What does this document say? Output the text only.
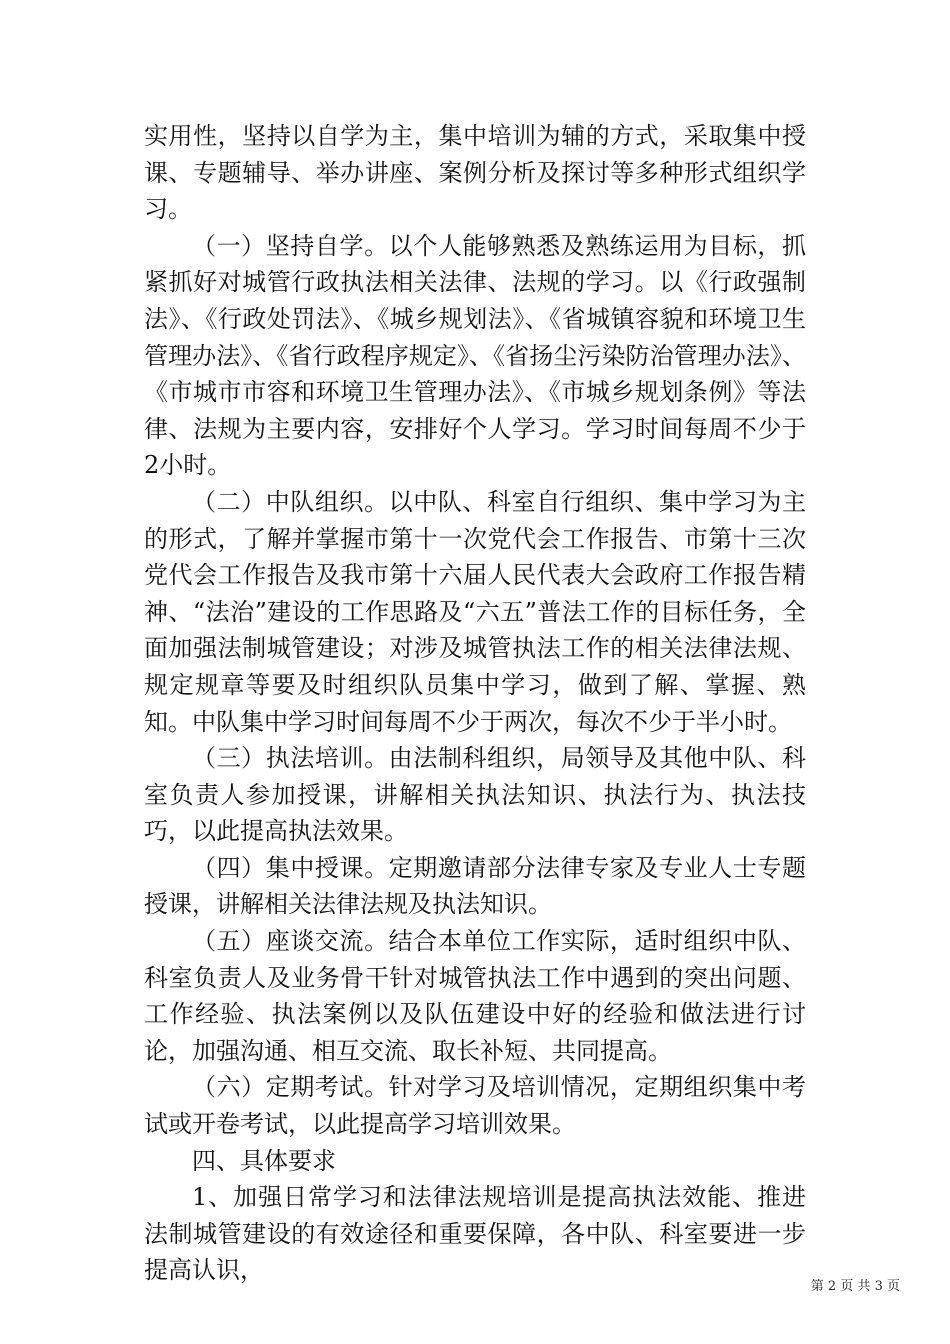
实用性，坚持以自学为主，集中培训为辅的方式，采取集中授课、专题辅导、举办讲座、案例分析及探讨等多种形式组织学习。

（一）坚持自学。以个人能够熟悉及熟练运用为目标，抓紧抓好对城管行政执法相关法律、法规的学习。以《行政强制法》、《行政处罚法》、《城乡规划法》、《省城镇容貌和环境卫生管理办法》、《省行政程序规定》、《省扬尘污染防治管理办法》、《市城市市容和环境卫生管理办法》、《市城乡规划条例》等法律、法规为主要内容，安排好个人学习。学习时间每周不少于2小时。

（二）中队组织。以中队、科室自行组织、集中学习为主的形式，了解并掌握市第十一次党代会工作报告、市第十三次党代会工作报告及我市第十六届人民代表大会政府工作报告精神、“法治”建设的工作思路及“六五”普法工作的目标任务，全面加强法制城管建设；对涉及城管执法工作的相关法律法规、规定规章等要及时组织队员集中学习，做到了解、掌握、熟知。中队集中学习时间每周不少于两次，每次不少于半小时。

（三）执法培训。由法制科组织，局领导及其他中队、科室负责人参加授课，讲解相关执法知识、执法行为、执法技巧，以此提高执法效果。

（四）集中授课。定期邀请部分法律专家及专业人士专题授课，讲解相关法律法规及执法知识。

（五）座谈交流。结合本单位工作实际，适时组织中队、科室负责人及业务骨干针对城管执法工作中遇到的突出问题、工作经验、执法案例以及队伍建设中好的经验和做法进行讨论，加强沟通、相互交流、取长补短、共同提高。

（六）定期考试。针对学习及培训情况，定期组织集中考试或开卷考试，以此提高学习培训效果。

四、具体要求

1、加强日常学习和法律法规培训是提高执法效能、推进法制城管建设的有效途径和重要保障，各中队、科室要进一步提高认识，

第 2 页 共 3 页
